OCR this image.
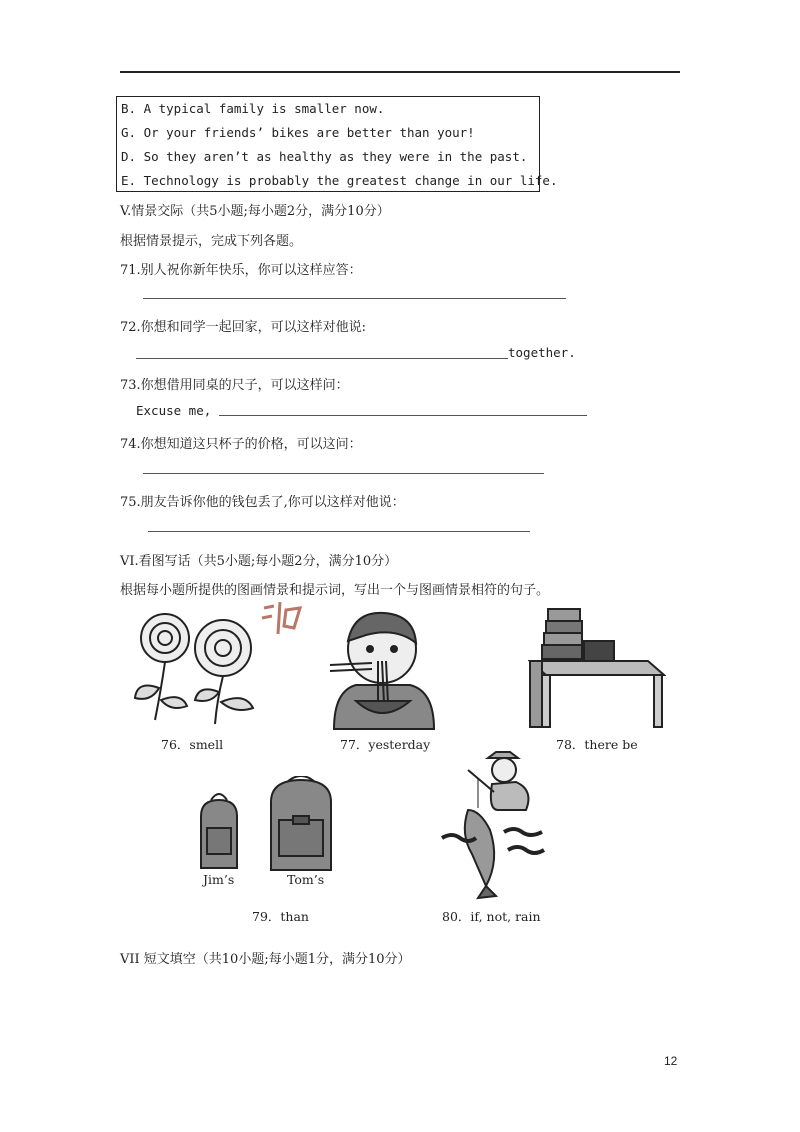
B. A typical family is smaller now.
G. Or your friends’ bikes are better than your!
D. So they aren’t as healthy as they were in the past.
E. Technology is probably the greatest change in our life.
V.情景交际（共5小题;每小题2分，满分10分）
根据情景提示，完成下列各题。
71.别人祝你新年快乐，你可以这样应答：
72.你想和同学一起回家，可以这样对他说:
together.
73.你想借用同桌的尺子，可以这样问：
Excuse me,
74.你想知道这只杯子的价格，可以这问：
75.朋友告诉你他的钱包丢了,你可以这样对他说：
VI.看图写话（共5小题;每小题2分，满分10分）
根据每小题所提供的图画情景和提示词，写出一个与图画情景相符的句子。
76．smell	77．yesterday	78．there be
Jim’s	Tom’s
79．than	80．if, not, rain
VII 短文填空（共10小题;每小题1分，满分10分）
12
